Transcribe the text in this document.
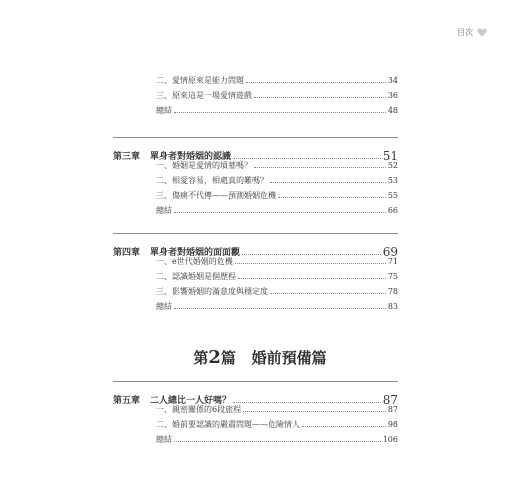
目次
二、愛情原來是能力問題	34
三、原來這是一場愛情遊戲	36
總結	48
第三章	單身者對婚姻的認識	51
一、婚姻是愛情的墳墓嗎？	52
二、相愛容易，相處真的難嗎？	53
三、傷痛不代傳——預測婚姻危機	55
總結	66
第四章	單身者對婚姻的面面觀	69
一、e世代婚姻的危機	71
二、認識婚姻是個歷程	75
三、影響婚姻的滿意度與穩定度	78
總結	83
第2篇 婚前預備篇
第五章	二人總比一人好嗎？	87
一、親密關係的6段旅程	87
二、婚前要認識的嚴肅問題——危險情人	98
總結	106
